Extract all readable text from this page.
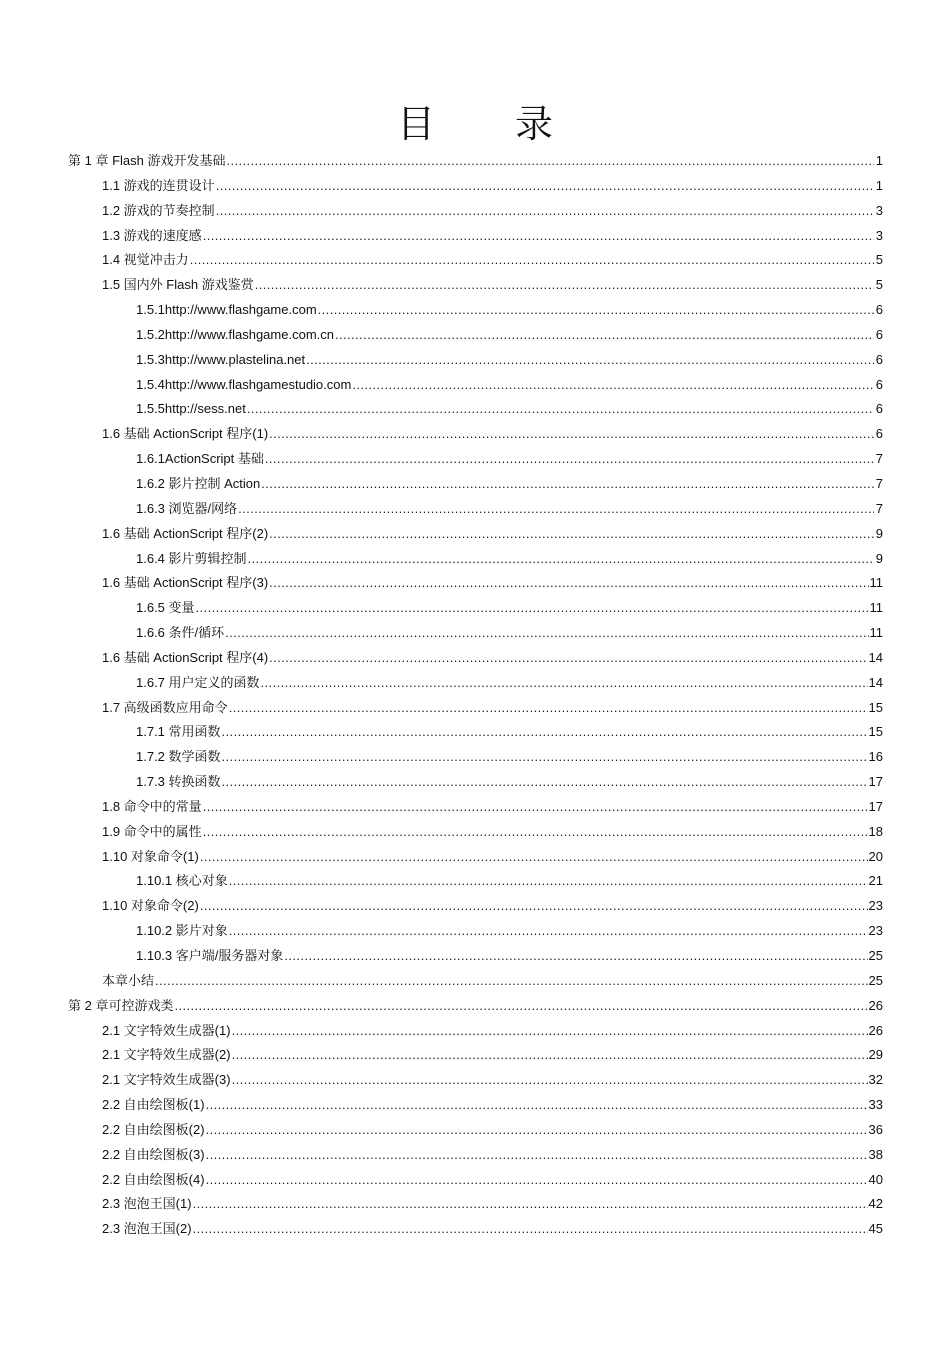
目 录
第 1 章 Flash 游戏开发基础 .....	1
1.1 游戏的连贯设计 .....	1
1.2 游戏的节奏控制 .....	3
1.3 游戏的速度感 .....	3
1.4 视觉冲击力 .....	5
1.5 国内外 Flash 游戏鉴赏 .....	5
1.5.1http://www.flashgame.com .....	6
1.5.2http://www.flashgame.com.cn .....	6
1.5.3http://www.plastelina.net .....	6
1.5.4http://www.flashgamestudio.com .....	6
1.5.5http://sess.net .....	6
1.6 基础 ActionScript 程序(1) .....	6
1.6.1ActionScript 基础 .....	7
1.6.2 影片控制 Action .....	7
1.6.3 浏览器/网络 .....	7
1.6 基础 ActionScript 程序(2) .....	9
1.6.4 影片剪辑控制 .....	9
1.6 基础 ActionScript 程序(3) .....	11
1.6.5 变量 .....	11
1.6.6 条件/循环 .....	11
1.6 基础 ActionScript 程序(4) .....	14
1.6.7 用户定义的函数 .....	14
1.7 高级函数应用命令 .....	15
1.7.1 常用函数 .....	15
1.7.2 数学函数 .....	16
1.7.3 转换函数 .....	17
1.8 命令中的常量 .....	17
1.9 命令中的属性 .....	18
1.10 对象命令(1) .....	20
1.10.1 核心对象 .....	21
1.10 对象命令(2) .....	23
1.10.2 影片对象 .....	23
1.10.3 客户端/服务器对象 .....	25
本章小结 .....	25
第 2 章可控游戏类 .....	26
2.1 文字特效生成器(1) .....	26
2.1 文字特效生成器(2) .....	29
2.1 文字特效生成器(3) .....	32
2.2 自由绘图板(1) .....	33
2.2 自由绘图板(2) .....	36
2.2 自由绘图板(3) .....	38
2.2 自由绘图板(4) .....	40
2.3 泡泡王国(1) .....	42
2.3 泡泡王国(2) .....	45
